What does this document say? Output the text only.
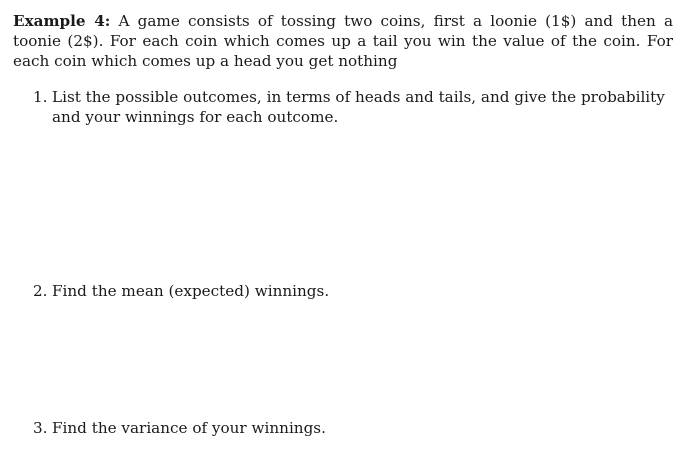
Example 4: A game consists of tossing two coins, first a loonie (1$) and then a toonie (2$). For each coin which comes up a tail you win the value of the coin. For each coin which comes up a head you get nothing

1. List the possible outcomes, in terms of heads and tails, and give the probability and your winnings for each outcome.
2. Find the mean (expected) winnings.
3. Find the variance of your winnings.
